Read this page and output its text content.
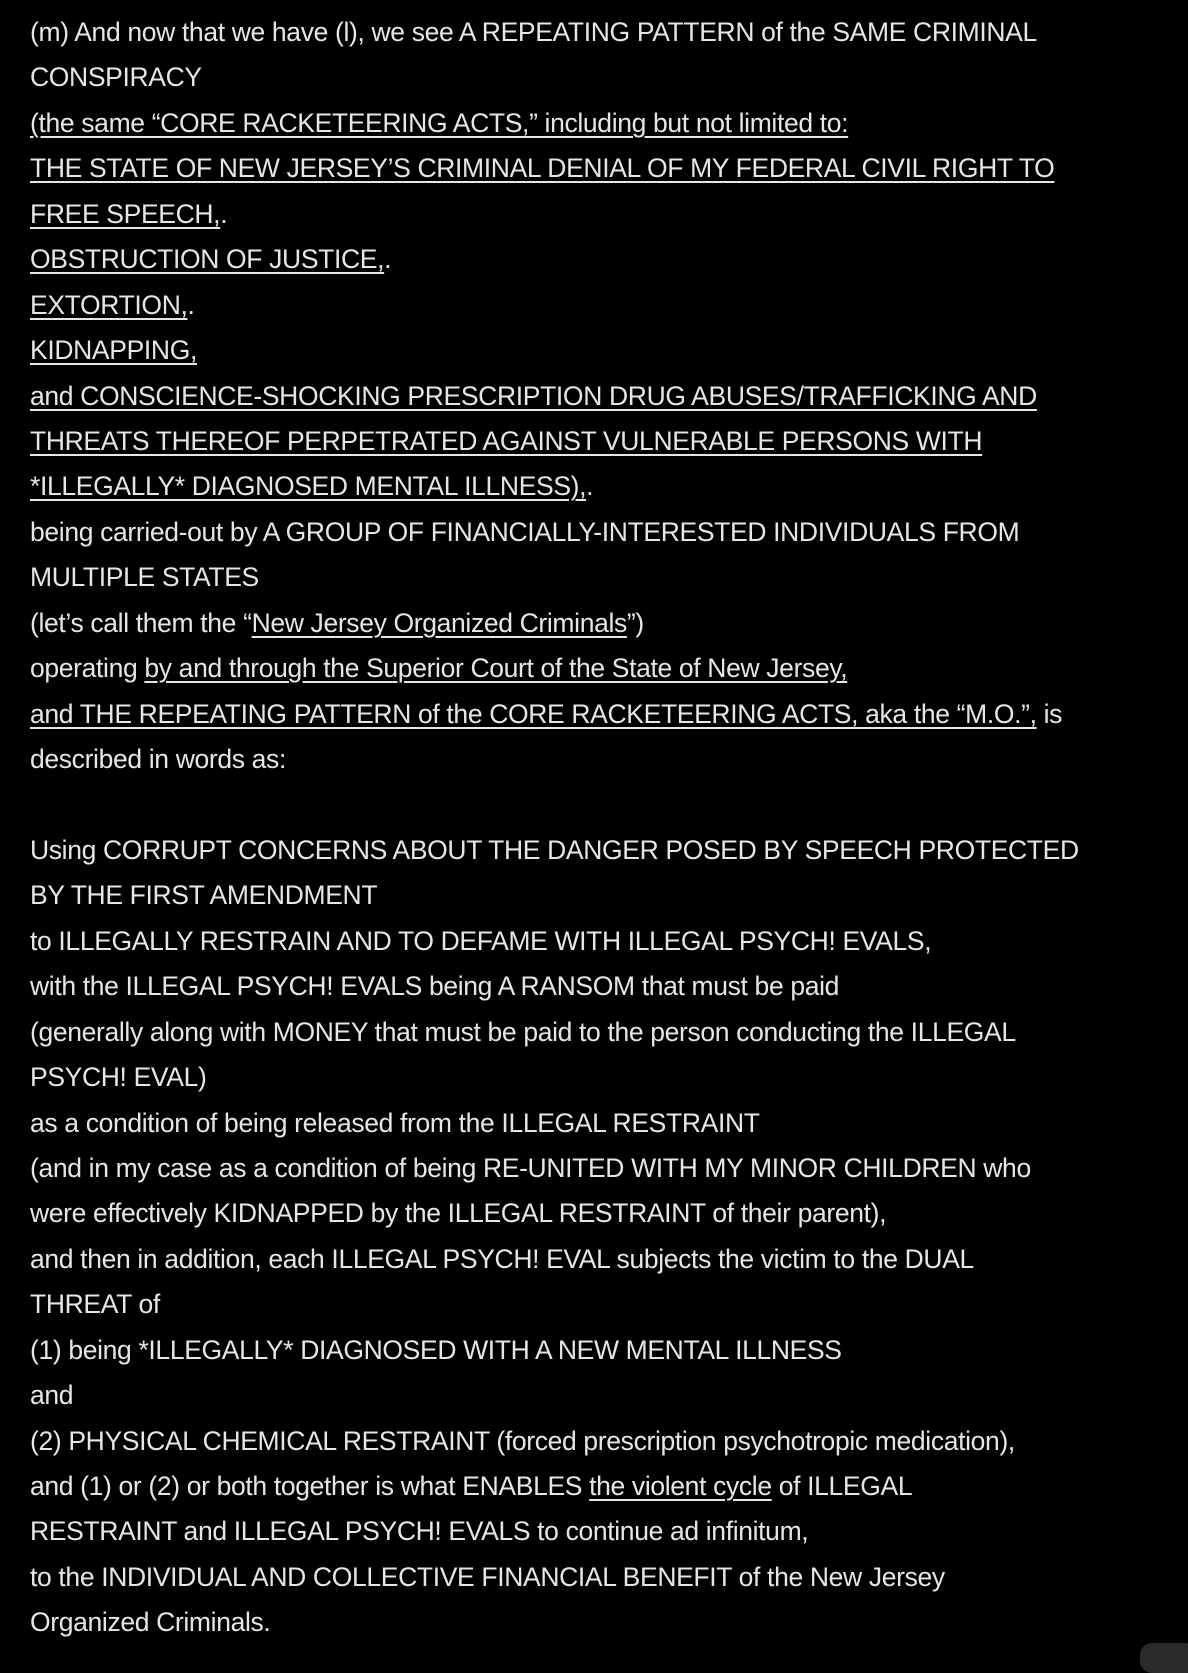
(m) And now that we have (l), we see A REPEATING PATTERN of the SAME CRIMINAL
CONSPIRACY
(the same “CORE RACKETEERING ACTS,” including but not limited to:
THE STATE OF NEW JERSEY’S CRIMINAL DENIAL OF MY FEDERAL CIVIL RIGHT TO
FREE SPEECH,.
OBSTRUCTION OF JUSTICE,.
EXTORTION,.
KIDNAPPING,
and CONSCIENCE-SHOCKING PRESCRIPTION DRUG ABUSES/TRAFFICKING AND
THREATS THEREOF PERPETRATED AGAINST VULNERABLE PERSONS WITH
*ILLEGALLY* DIAGNOSED MENTAL ILLNESS),.
being carried-out by A GROUP OF FINANCIALLY-INTERESTED INDIVIDUALS FROM
MULTIPLE STATES
(let’s call them the “New Jersey Organized Criminals”)
operating by and through the Superior Court of the State of New Jersey,
and THE REPEATING PATTERN of the CORE RACKETEERING ACTS, aka the “M.O.”, is
described in words as:
Using CORRUPT CONCERNS ABOUT THE DANGER POSED BY SPEECH PROTECTED
BY THE FIRST AMENDMENT
to ILLEGALLY RESTRAIN AND TO DEFAME WITH ILLEGAL PSYCH! EVALS,
with the ILLEGAL PSYCH! EVALS being A RANSOM that must be paid
(generally along with MONEY that must be paid to the person conducting the ILLEGAL
PSYCH! EVAL)
as a condition of being released from the ILLEGAL RESTRAINT
(and in my case as a condition of being RE-UNITED WITH MY MINOR CHILDREN who
were effectively KIDNAPPED by the ILLEGAL RESTRAINT of their parent),
and then in addition, each ILLEGAL PSYCH! EVAL subjects the victim to the DUAL
THREAT of
(1) being *ILLEGALLY* DIAGNOSED WITH A NEW MENTAL ILLNESS
and
(2) PHYSICAL CHEMICAL RESTRAINT (forced prescription psychotropic medication),
and (1) or (2) or both together is what ENABLES the violent cycle of ILLEGAL
RESTRAINT and ILLEGAL PSYCH! EVALS to continue ad infinitum,
to the INDIVIDUAL AND COLLECTIVE FINANCIAL BENEFIT of the New Jersey
Organized Criminals.
